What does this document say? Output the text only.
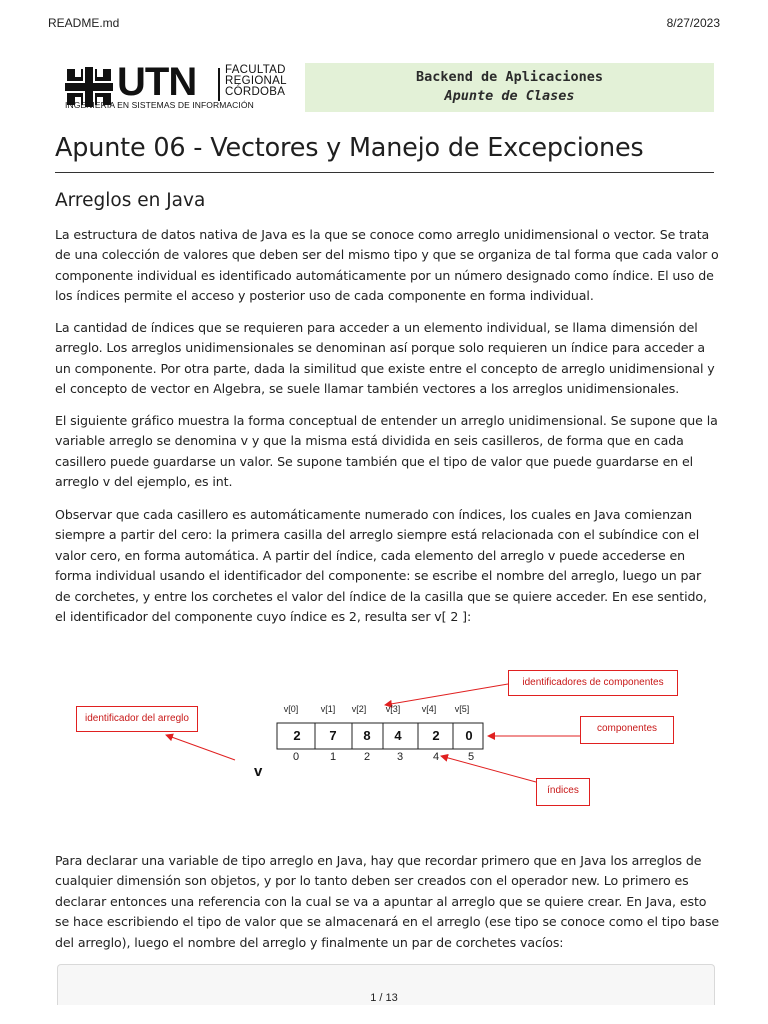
README.md	8/27/2023
UTN	FACULTAD
REGIONAL
CÓRDOBA
INGENIERÍA EN SISTEMAS DE INFORMACIÓN
Backend de Aplicaciones
Apunte de Clases
Apunte 06 - Vectores y Manejo de Excepciones
Arreglos en Java

La estructura de datos nativa de Java es la que se conoce como arreglo unidimensional o vector. Se trata de una colección de valores que deben ser del mismo tipo y que se organiza de tal forma que cada valor o componente individual es identificado automáticamente por un número designado como índice. El uso de los índices permite el acceso y posterior uso de cada componente en forma individual.

La cantidad de índices que se requieren para acceder a un elemento individual, se llama dimensión del arreglo. Los arreglos unidimensionales se denominan así porque solo requieren un índice para acceder a un componente. Por otra parte, dada la similitud que existe entre el concepto de arreglo unidimensional y el concepto de vector en Algebra, se suele llamar también vectores a los arreglos unidimensionales.

El siguiente gráfico muestra la forma conceptual de entender un arreglo unidimensional. Se supone que la variable arreglo se denomina v y que la misma está dividida en seis casilleros, de forma que en cada casillero puede guardarse un valor. Se supone también que el tipo de valor que puede guardarse en el arreglo v del ejemplo, es int.

Observar que cada casillero es automáticamente numerado con índices, los cuales en Java comienzan siempre a partir del cero: la primera casilla del arreglo siempre está relacionada con el subíndice con el valor cero, en forma automática. A partir del índice, cada elemento del arreglo v puede accederse en forma individual usando el identificador del componente: se escribe el nombre del arreglo, luego un par de corchetes, y entre los corchetes el valor del índice de la casilla que se quiere acceder. En ese sentido, el identificador del componente cuyo índice es 2, resulta ser v[ 2 ]:

identificador del arreglo
identificadores de componentes
componentes
índices
v[0]	v[1]	v[2]	v[3]	v[4]	v[5]
2	7	8	4	2	0
0	1	2	3	4	5
v

Para declarar una variable de tipo arreglo en Java, hay que recordar primero que en Java los arreglos de cualquier dimensión son objetos, y por lo tanto deben ser creados con el operador new. Lo primero es declarar entonces una referencia con la cual se va a apuntar al arreglo que se quiere crear. En Java, esto se hace escribiendo el tipo de valor que se almacenará en el arreglo (ese tipo se conoce como el tipo base del arreglo), luego el nombre del arreglo y finalmente un par de corchetes vacíos:

1 / 13
